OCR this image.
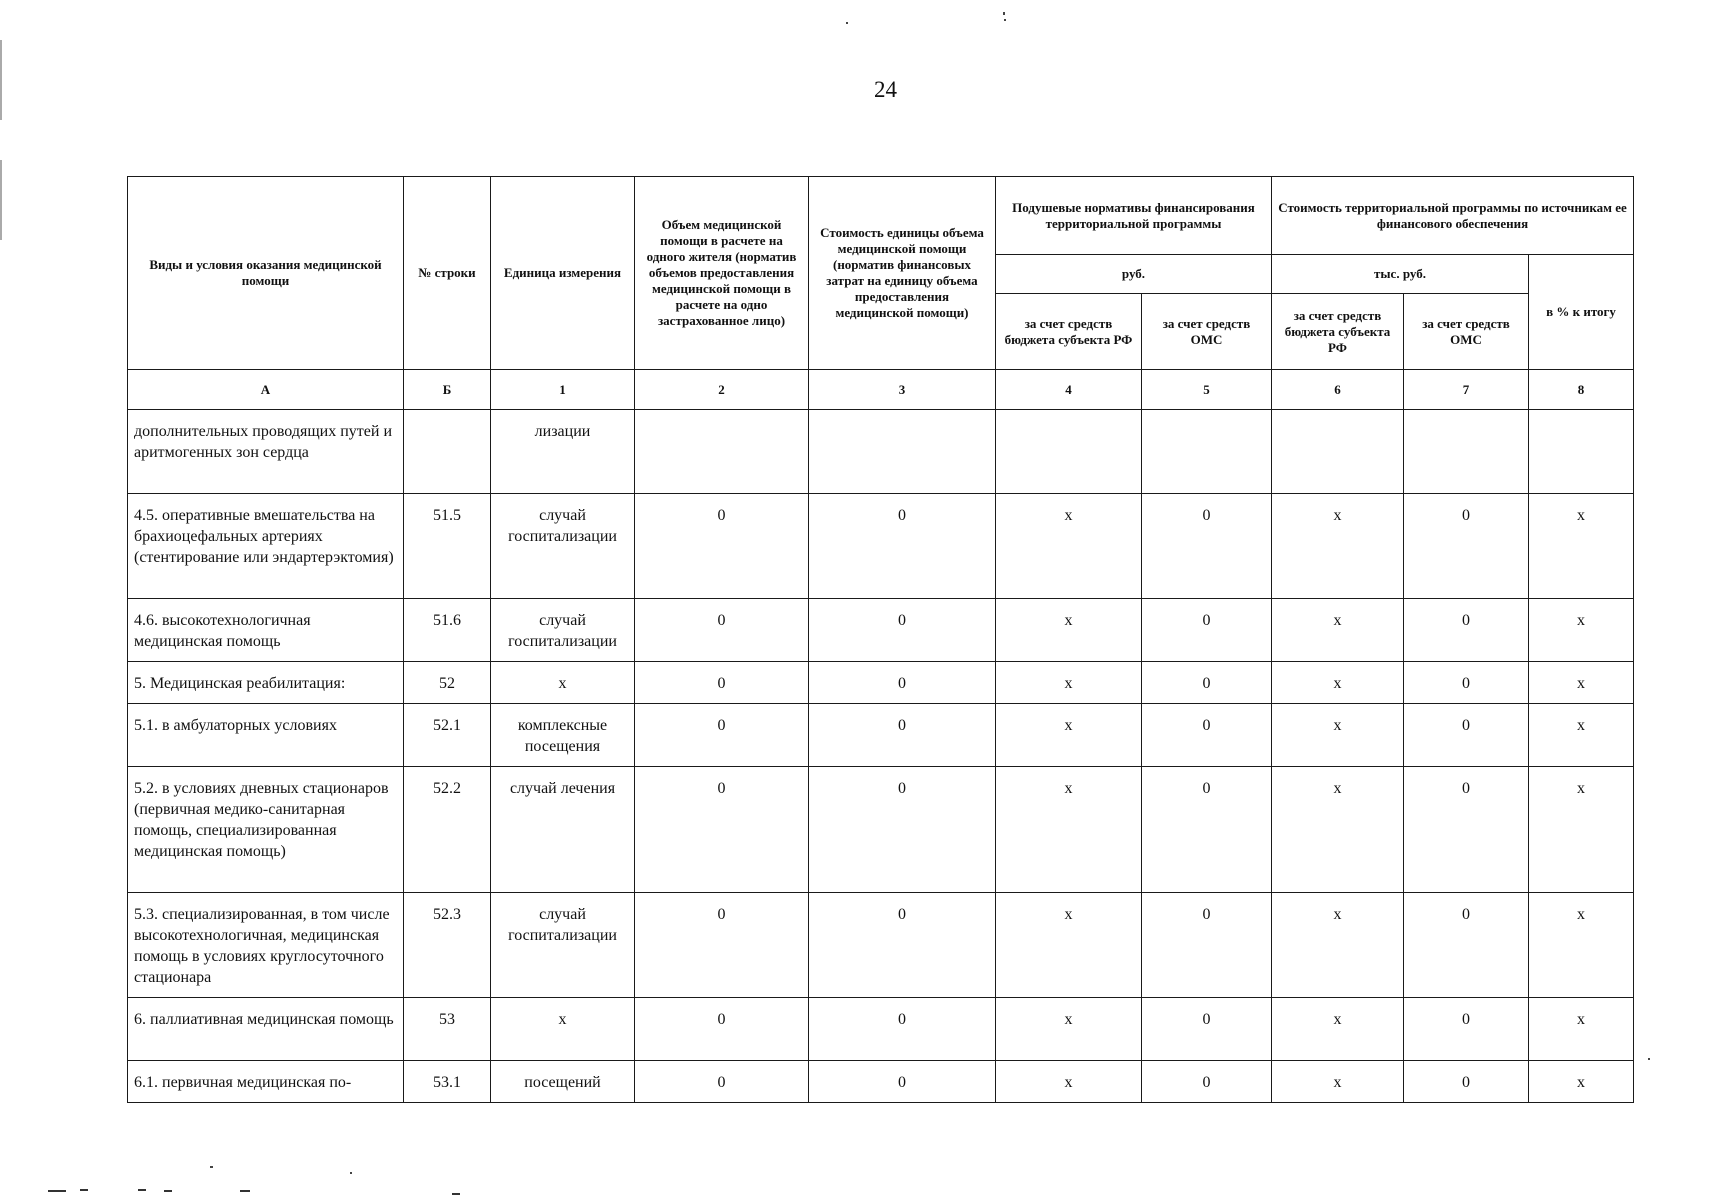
24
Виды и условия оказания медицинской помощи	№ строки	Единица измерения	Объем медицинской помощи в расчете на одного жителя (норматив объемов предоставления медицинской помощи в расчете на одно застрахованное лицо)	Стоимость единицы объема медицинской помощи (норматив финансовых затрат на единицу объема предоставления медицинской помощи)	Подушевые нормативы финансирования территориальной программы		Стоимость территориальной программы по источникам ее финансового обеспечения		
					руб.		тыс. руб.		в % к итогу
					за счет средств бюджета субъекта РФ	за счет средств ОМС	за счет средств бюджета субъекта РФ	за счет средств ОМС	
А	Б	1	2	3	4	5	6	7	8
дополнительных проводящих путей и аритмогенных зон сердца		лизации							
4.5. оперативные вмешательства на брахиоцефальных артериях (стентирование или эндартерэктомия)	51.5	случай госпитализации	0	0	x	0	x	0	x
4.6. высокотехнологичная медицинская помощь	51.6	случай госпитализации	0	0	x	0	x	0	x
5. Медицинская реабилитация:	52	x	0	0	x	0	x	0	x
5.1. в амбулаторных условиях	52.1	комплексные посещения	0	0	x	0	x	0	x
5.2. в условиях дневных стационаров (первичная медико-санитарная помощь, специализированная медицинская помощь)	52.2	случай лечения	0	0	x	0	x	0	x
5.3. специализированная, в том числе высокотехнологичная, медицинская помощь в условиях круглосуточного стационара	52.3	случай госпитализации	0	0	x	0	x	0	x
6. паллиативная медицинская помощь	53	x	0	0	x	0	x	0	x
6.1. первичная медицинская по-	53.1	посещений	0	0	x	0	x	0	x
